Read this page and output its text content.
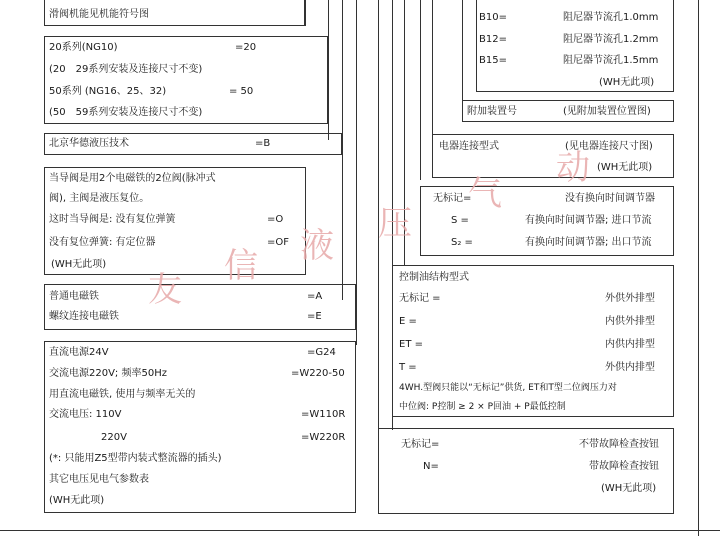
滑阀机能见机能符号图
20系列(NG10)	=20
(20　29系列安装及连接尺寸不变)
50系列 (NG16、25、32)	= 50
(50　59系列安装及连接尺寸不变)
北京华德液压技术	=B
当导阀是用2个电磁铁的2位阀(脉冲式
阀), 主阀是液压复位。
这时当导阀是: 没有复位弹簧	=O
没有复位弹簧: 有定位器	=OF
(WH无此项)
普通电磁铁	=A
螺纹连接电磁铁	=E
直流电源24V	=G24
交流电源220V; 频率50Hz	=W220-50
用直流电磁铁, 使用与频率无关的
交流电压: 110V	=W110R
220V	=W220R
(*: 只能用Z5型带内装式整流器的插头)
其它电压见电气参数表
(WH无此项)
B10=	阻尼器节流孔1.0mm
B12=	阻尼器节流孔1.2mm
B15=	阻尼器节流孔1.5mm
(WH无此项)
附加装置号	(见附加装置位置图)
电器连接型式	(见电器连接尺寸图)
(WH无此项)
无标记=	没有换向时间调节器
S =	有换向时间调节器; 进口节流
S₂ =	有换向时间调节器; 出口节流
控制油结构型式
无标记 =	外供外排型
E =	内供外排型
ET =	内供内排型
T =	外供内排型
4WH.型阀只能以“无标记”供货, ET和T型二位阀压力对
中位阀: P控制 ≥ 2 × P回油 + P最低控制
无标记=	不带故障检查按钮
N=	带故障检查按钮
(WH无此项)
友
信 液
压
气
动
